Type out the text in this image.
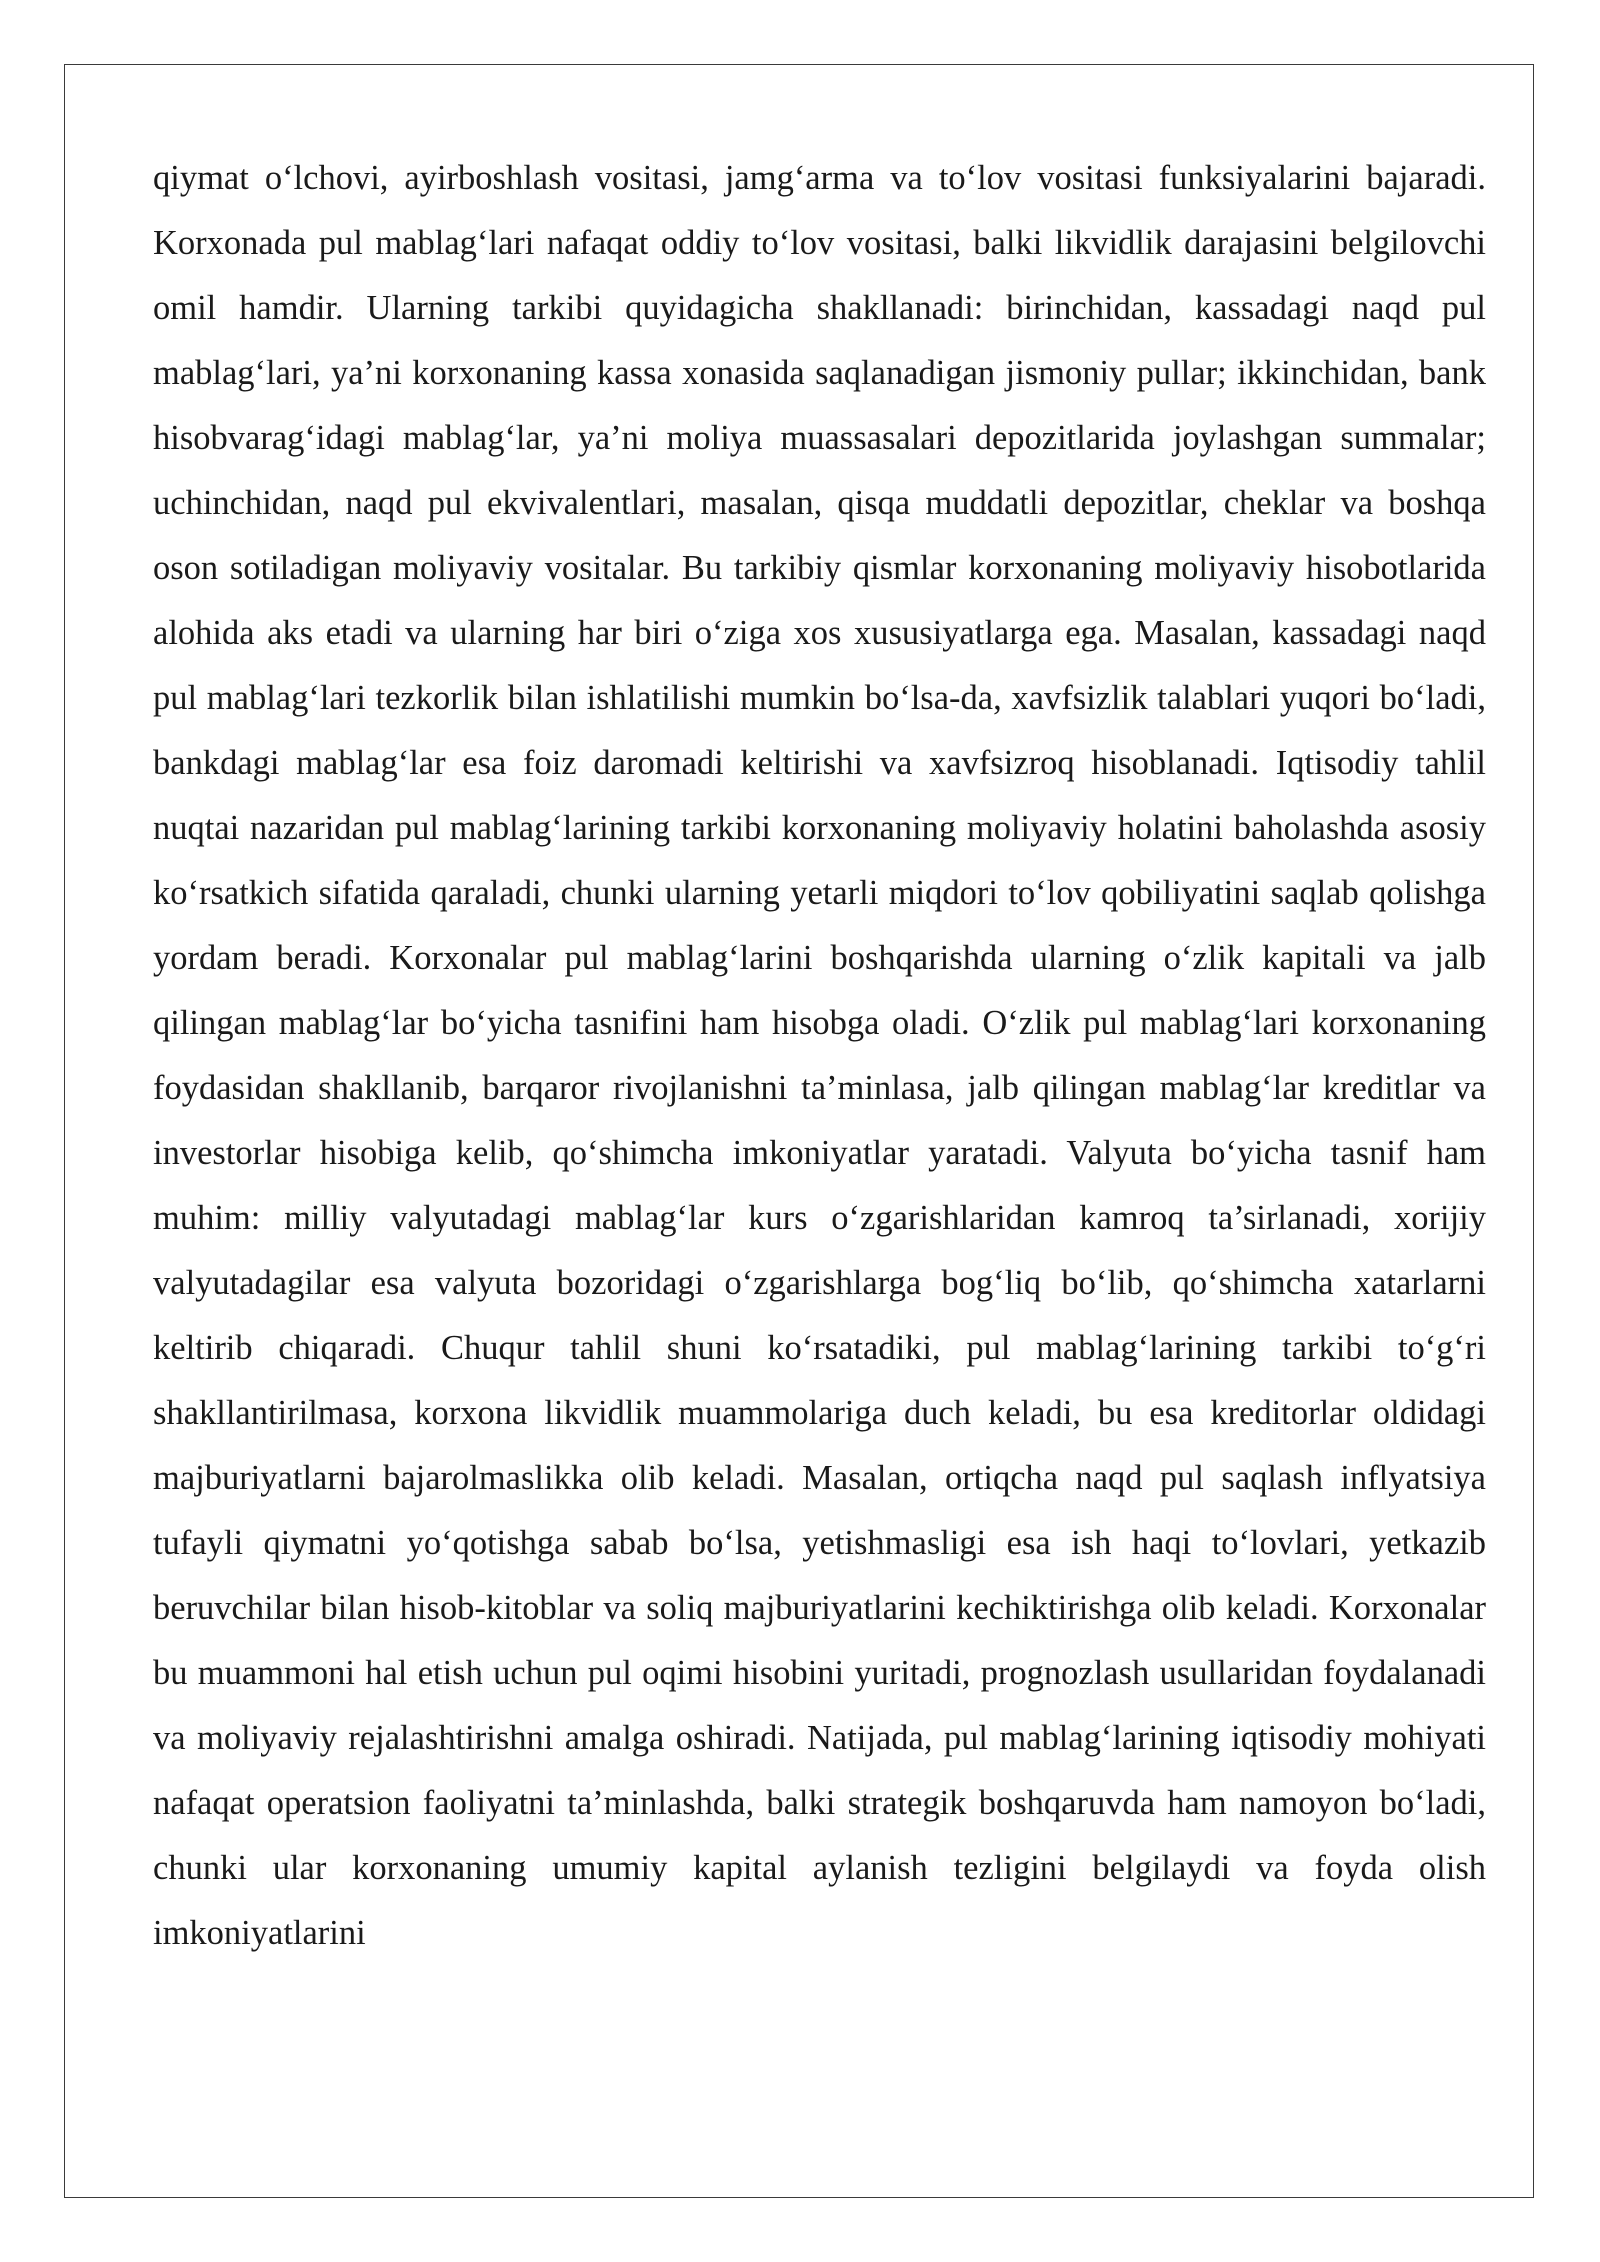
qiymat o‘lchovi, ayirboshlash vositasi, jamg‘arma va to‘lov vositasi funksiyalarini bajaradi. Korxonada pul mablag‘lari nafaqat oddiy to‘lov vositasi, balki likvidlik darajasini belgilovchi omil hamdir. Ularning tarkibi quyidagicha shakllanadi: birinchidan, kassadagi naqd pul mablag‘lari, ya’ni korxonaning kassa xonasida saqlanadigan jismoniy pullar; ikkinchidan, bank hisobvarag‘idagi mablag‘lar, ya’ni moliya muassasalari depozitlarida joylashgan summalar; uchinchidan, naqd pul ekvivalentlari, masalan, qisqa muddatli depozitlar, cheklar va boshqa oson sotiladigan moliyaviy vositalar. Bu tarkibiy qismlar korxonaning moliyaviy hisobotlarida alohida aks etadi va ularning har biri o‘ziga xos xususiyatlarga ega. Masalan, kassadagi naqd pul mablag‘lari tezkorlik bilan ishlatilishi mumkin bo‘lsa-da, xavfsizlik talablari yuqori bo‘ladi, bankdagi mablag‘lar esa foiz daromadi keltirishi va xavfsizroq hisoblanadi. Iqtisodiy tahlil nuqtai nazaridan pul mablag‘larining tarkibi korxonaning moliyaviy holatini baholashda asosiy ko‘rsatkich sifatida qaraladi, chunki ularning yetarli miqdori to‘lov qobiliyatini saqlab qolishga yordam beradi. Korxonalar pul mablag‘larini boshqarishda ularning o‘zlik kapitali va jalb qilingan mablag‘lar bo‘yicha tasnifini ham hisobga oladi. O‘zlik pul mablag‘lari korxonaning foydasidan shakllanib, barqaror rivojlanishni ta’minlasa, jalb qilingan mablag‘lar kreditlar va investorlar hisobiga kelib, qo‘shimcha imkoniyatlar yaratadi. Valyuta bo‘yicha tasnif ham muhim: milliy valyutadagi mablag‘lar kurs o‘zgarishlaridan kamroq ta’sirlanadi, xorijiy valyutadagilar esa valyuta bozoridagi o‘zgarishlarga bog‘liq bo‘lib, qo‘shimcha xatarlarni keltirib chiqaradi. Chuqur tahlil shuni ko‘rsatadiki, pul mablag‘larining tarkibi to‘g‘ri shakllantirilmasa, korxona likvidlik muammolariga duch keladi, bu esa kreditorlar oldidagi majburiyatlarni bajarolmaslikka olib keladi. Masalan, ortiqcha naqd pul saqlash inflyatsiya tufayli qiymatni yo‘qotishga sabab bo‘lsa, yetishmasligi esa ish haqi to‘lovlari, yetkazib beruvchilar bilan hisob-kitoblar va soliq majburiyatlarini kechiktirishga olib keladi. Korxonalar bu muammoni hal etish uchun pul oqimi hisobini yuritadi, prognozlash usullaridan foydalanadi va moliyaviy rejalashtirishni amalga oshiradi. Natijada, pul mablag‘larining iqtisodiy mohiyati nafaqat operatsion faoliyatni ta’minlashda, balki strategik boshqaruvda ham namoyon bo‘ladi, chunki ular korxonaning umumiy kapital aylanish tezligini belgilaydi va foyda olish imkoniyatlarini
